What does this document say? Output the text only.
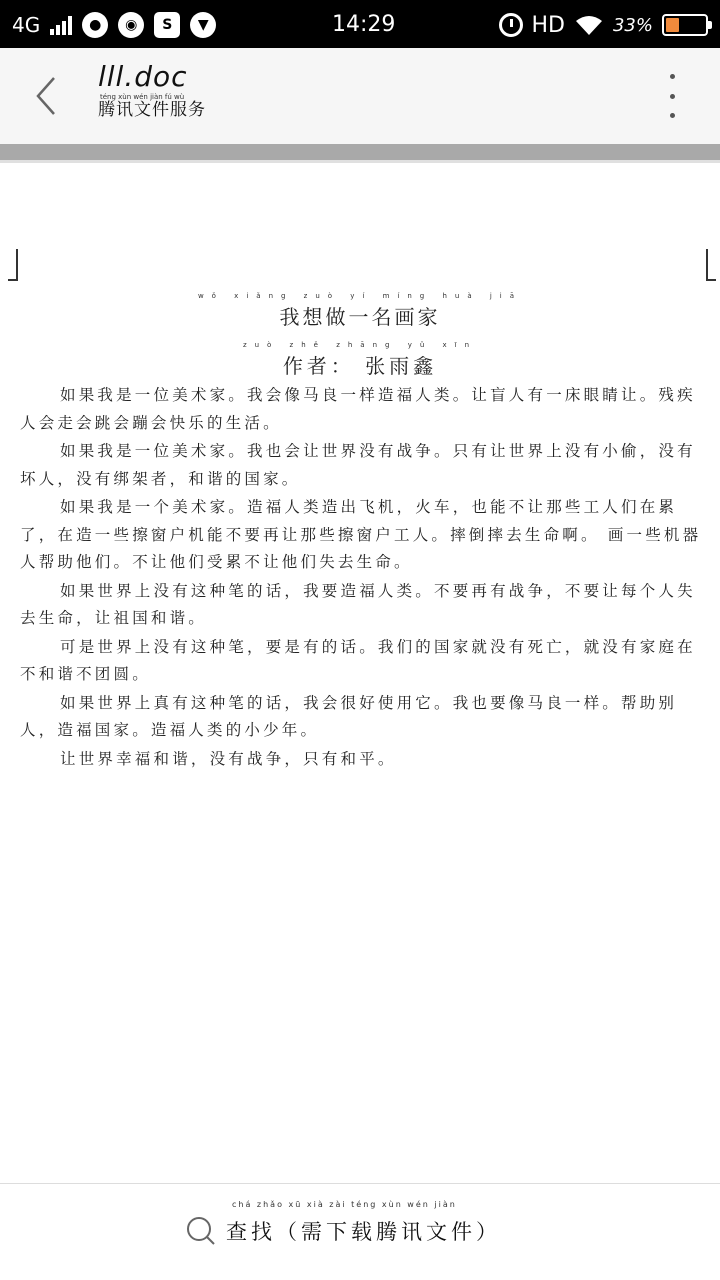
4G	●	◉	S	▼	14:29	HD	33%
lll.doc
téng xùn wén jiàn fú wù
腾讯文件服务
wǒ xiǎng zuò yí míng huà jiā
我想做一名画家
zuò zhě zhāng yǔ xīn
作者： 张雨鑫

如果我是一位美术家。我会像马良一样造福人类。让盲人有一床眼睛让。残疾人会走会跳会蹦会快乐的生活。

如果我是一位美术家。我也会让世界没有战争。只有让世界上没有小偷，没有坏人，没有绑架者，和谐的国家。

如果我是一个美术家。造福人类造出飞机，火车，也能不让那些工人们在累了，在造一些擦窗户机能不要再让那些擦窗户工人。摔倒摔去生命啊。 画一些机器人帮助他们。不让他们受累不让他们失去生命。

如果世界上没有这种笔的话，我要造福人类。不要再有战争，不要让每个人失去生命，让祖国和谐。

可是世界上没有这种笔，要是有的话。我们的国家就没有死亡，就没有家庭在不和谐不团圆。

如果世界上真有这种笔的话，我会很好使用它。我也要像马良一样。帮助别人，造福国家。造福人类的小少年。

让世界幸福和谐，没有战争，只有和平。

chá zhǎo xū xià zài téng xùn wén jiàn
查找（需下载腾讯文件）
